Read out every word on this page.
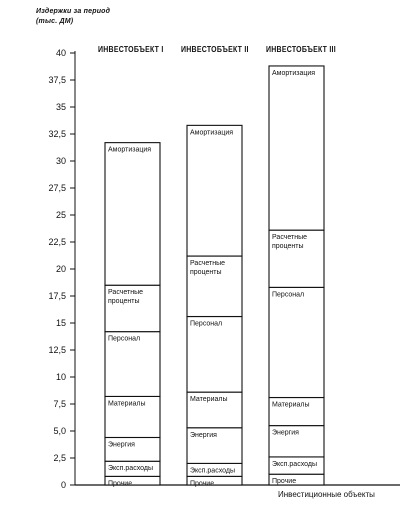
Издержки за период
(тыс. ДМ)
ИНВЕСТОБЪЕКТ I ИНВЕСТОБЪЕКТ II ИНВЕСТОБЪЕКТ III
Инвестиционные объекты
0
2,5
5,0
7,5
10
12,5
15
17,5
20
22,5
25
27,5
30
32,5
35
37,5
40
Прочие
Эксп.расходы
Энергия
Материалы
Персонал
Расчетные
проценты
Амортизация
Прочие
Эксп.расходы
Энергия
Материалы
Персонал
Расчетные
проценты
Амортизация
Прочие
Эксп.расходы
Энергия
Материалы
Персонал
Расчетные
проценты
Амортизация
